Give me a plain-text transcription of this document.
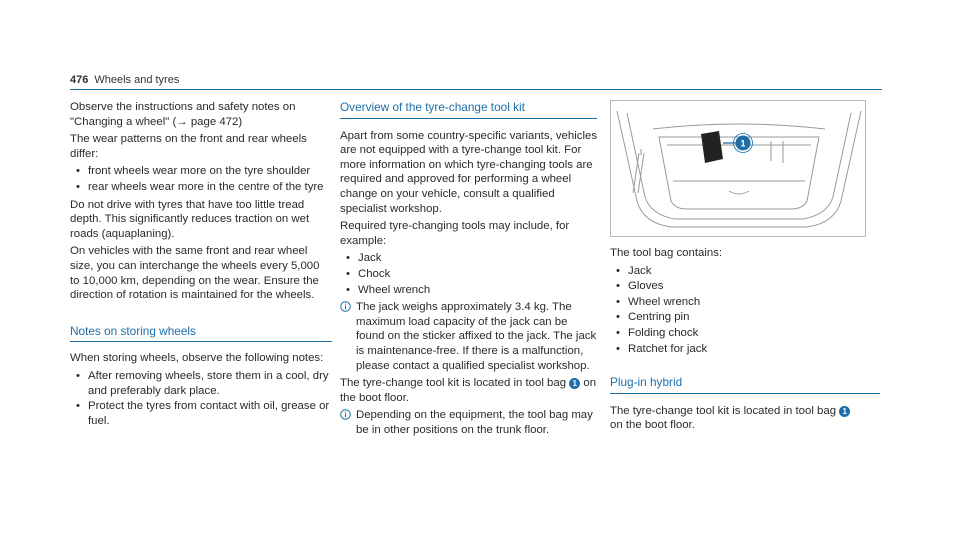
476 Wheels and tyres

Observe the instructions and safety notes on
"Changing a wheel" (→ page 472)

The wear patterns on the front and rear wheels differ:

• front wheels wear more on the tyre shoulder
• rear wheels wear more in the centre of the tyre

Do not drive with tyres that have too little tread depth. This significantly reduces traction on wet roads (aquaplaning).

On vehicles with the same front and rear wheel size, you can interchange the wheels every 5,000 to 10,000 km, depending on the wear. Ensure the direction of rotation is maintained for the wheels.

Notes on storing wheels

When storing wheels, observe the following notes:

• After removing wheels, store them in a cool, dry and preferably dark place.
• Protect the tyres from contact with oil, grease or fuel.
Overview of the tyre-change tool kit

Apart from some country-specific variants, vehicles are not equipped with a tyre-change tool kit. For more information on which tyre-changing tools are required and approved for performing a wheel change on your vehicle, consult a qualified specialist workshop.

Required tyre-changing tools may include, for example:

• Jack
• Chock
• Wheel wrench
The jack weighs approximately 3.4 kg. The maximum load capacity of the jack can be found on the sticker affixed to the jack. The jack is maintenance-free. If there is a malfunction, please contact a qualified specialist workshop.

The tyre-change tool kit is located in tool bag 1 on the boot floor.

Depending on the equipment, the tool bag may be in other positions on the trunk floor.
1

The tool bag contains:

• Jack
• Gloves
• Wheel wrench
• Centring pin
• Folding chock
• Ratchet for jack
Plug-in hybrid

The tyre-change tool kit is located in tool bag 1
on the boot floor.
